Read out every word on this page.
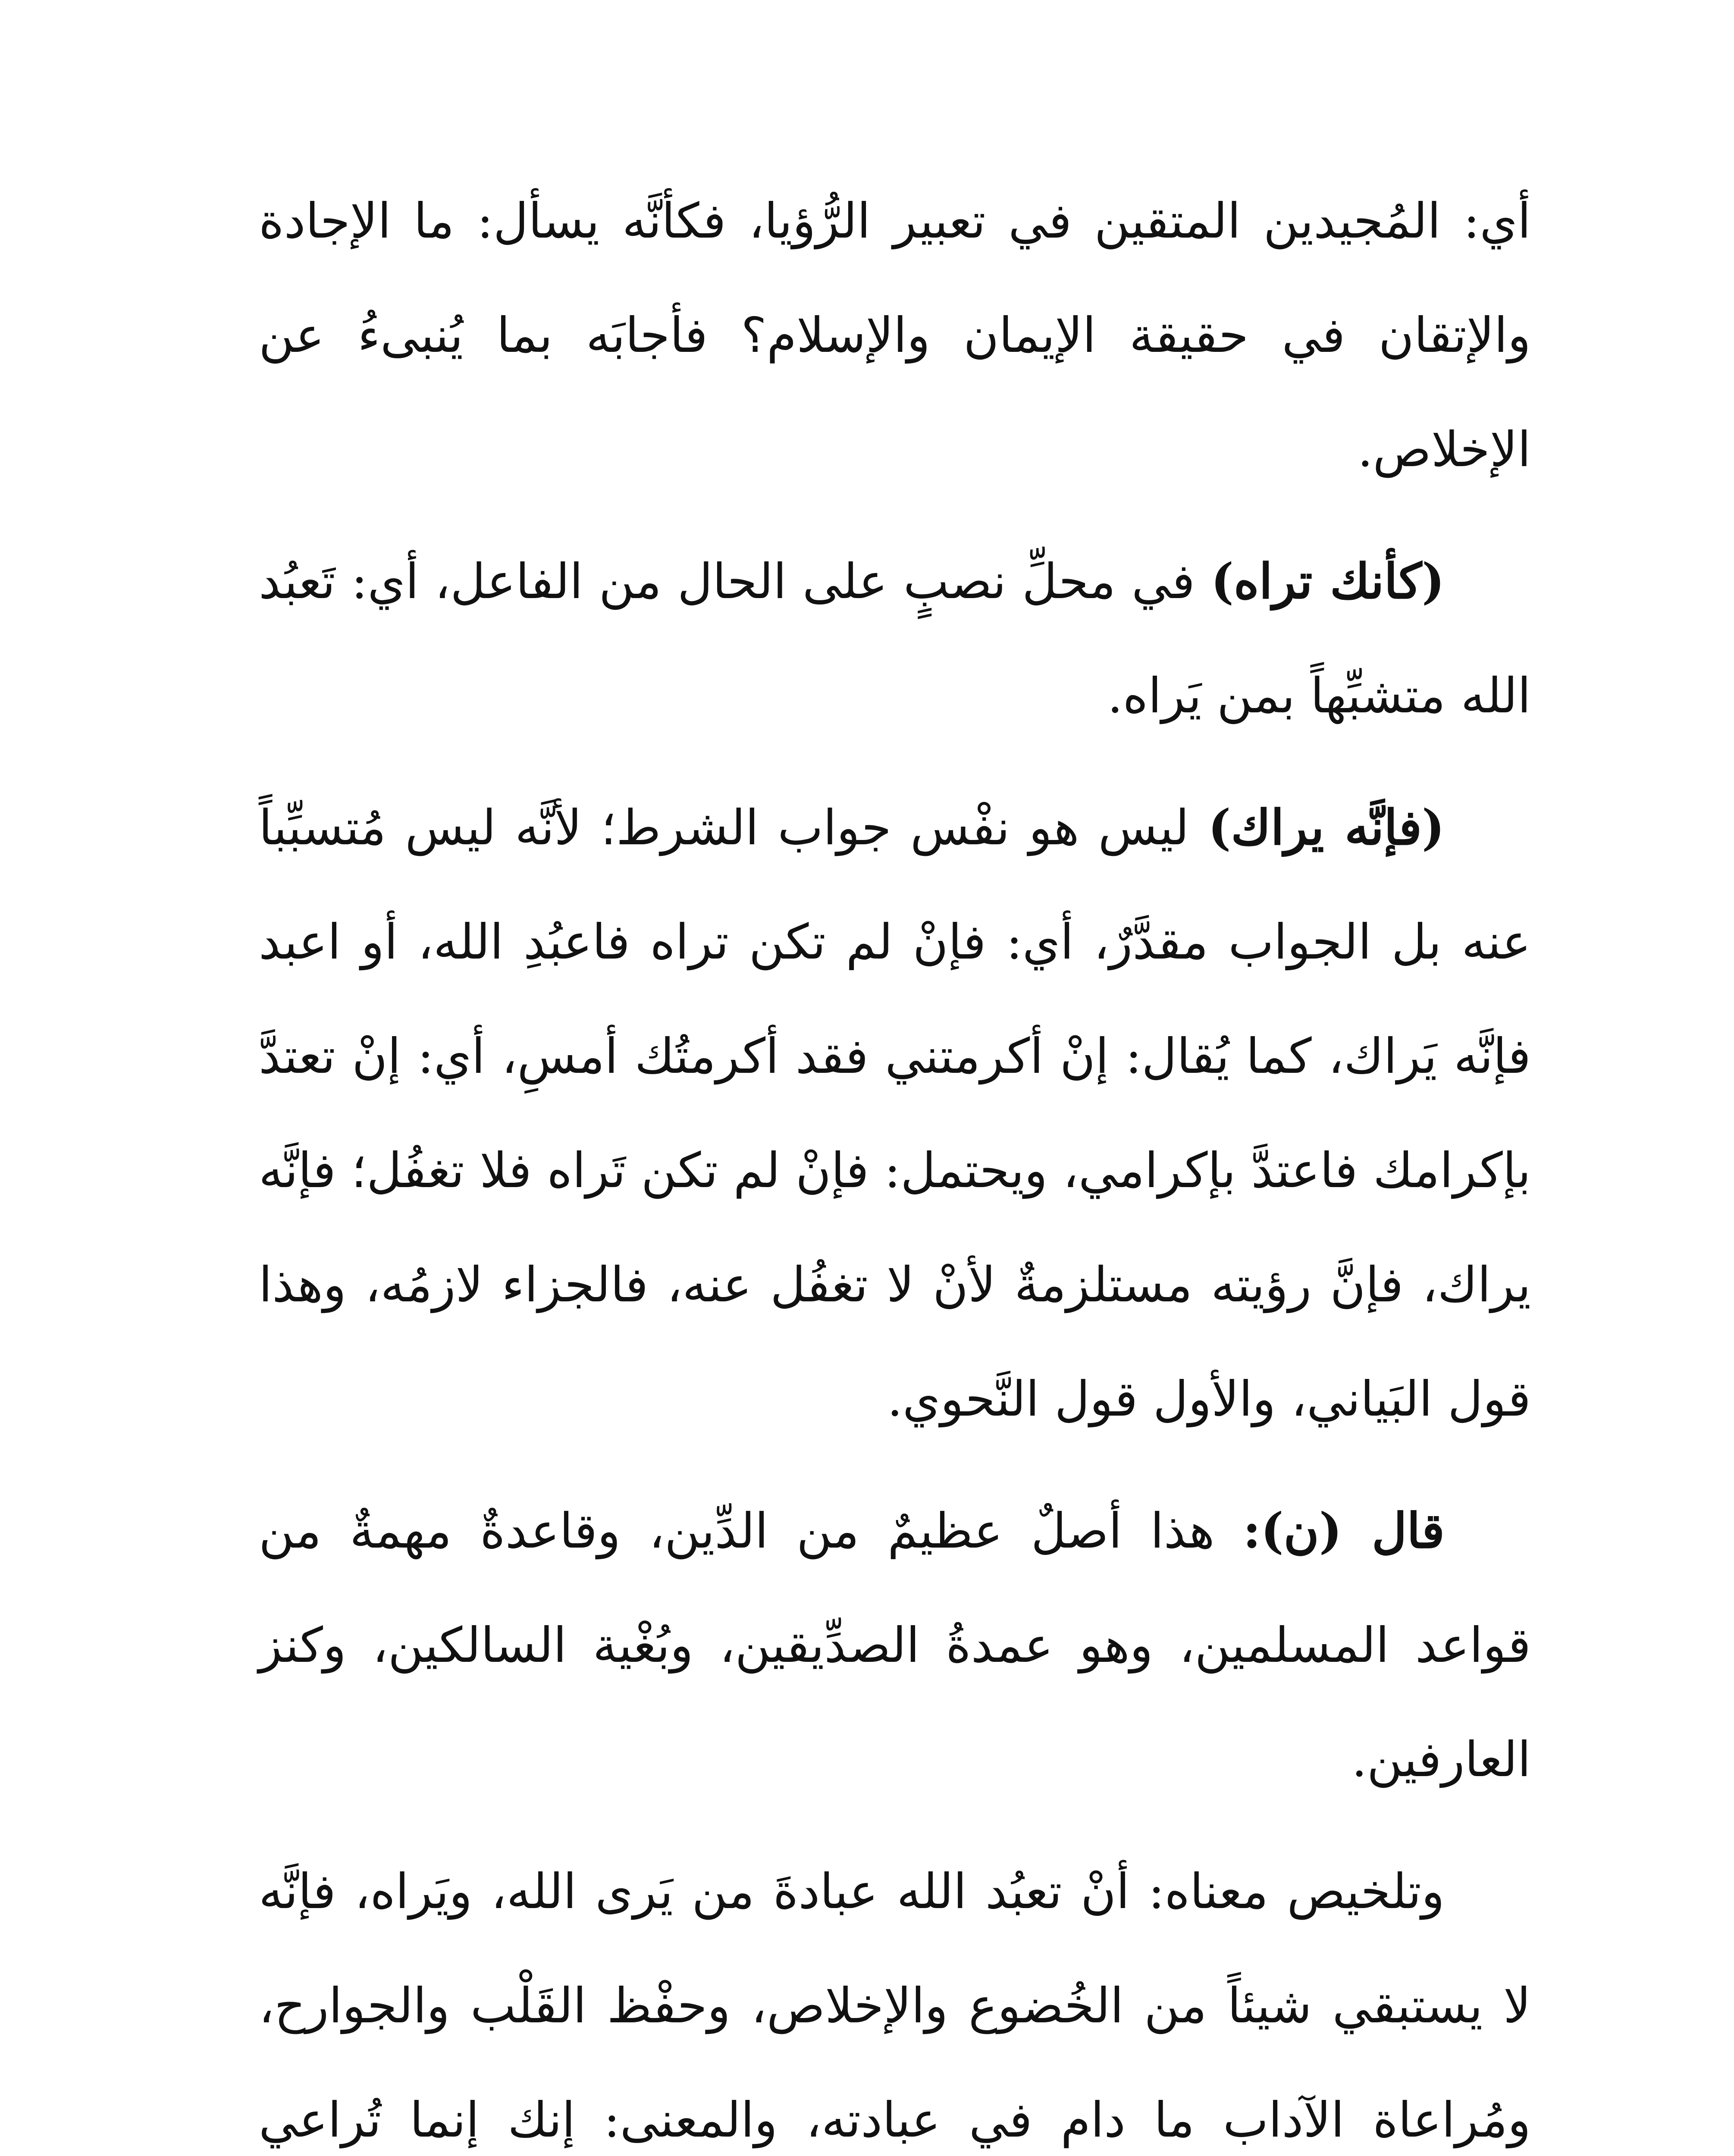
أي: المُجيدين المتقين في تعبير الرُّؤيا، فكأنَّه يسأل: ما الإجادة والإتقان في حقيقة الإيمان والإسلام؟ فأجابَه بما يُنبىءُ عن الإخلاص.

(كأنك تراه) في محلِّ نصبٍ على الحال من الفاعل، أي: تَعبُد الله متشبِّهاً بمن يَراه.

(فإنَّه يراك) ليس هو نفْس جواب الشرط؛ لأنَّه ليس مُتسبِّباً عنه بل الجواب مقدَّرٌ، أي: فإنْ لم تكن تراه فاعبُدِ الله، أو اعبد فإنَّه يَراك، كما يُقال: إنْ أكرمتني فقد أكرمتُك أمسِ، أي: إنْ تعتدَّ بإكرامك فاعتدَّ بإكرامي، ويحتمل: فإنْ لم تكن تَراه فلا تغفُل؛ فإنَّه يراك، فإنَّ رؤيته مستلزمةٌ لأنْ لا تغفُل عنه، فالجزاء لازمُه، وهذا قول البَياني، والأول قول النَّحوي.

قال (ن): هذا أصلٌ عظيمٌ من الدِّين، وقاعدةٌ مهمةٌ من قواعد المسلمين، وهو عمدةُ الصدِّيقين، وبُغْية السالكين، وكنز العارفين.

وتلخيص معناه: أنْ تعبُد الله عبادةَ من يَرى الله، ويَراه، فإنَّه لا يستبقي شيئاً من الخُضوع والإخلاص، وحفْظ القَلْب والجوارح، ومُراعاة الآداب ما دام في عبادته، والمعنى: إنك إنما تُراعي
